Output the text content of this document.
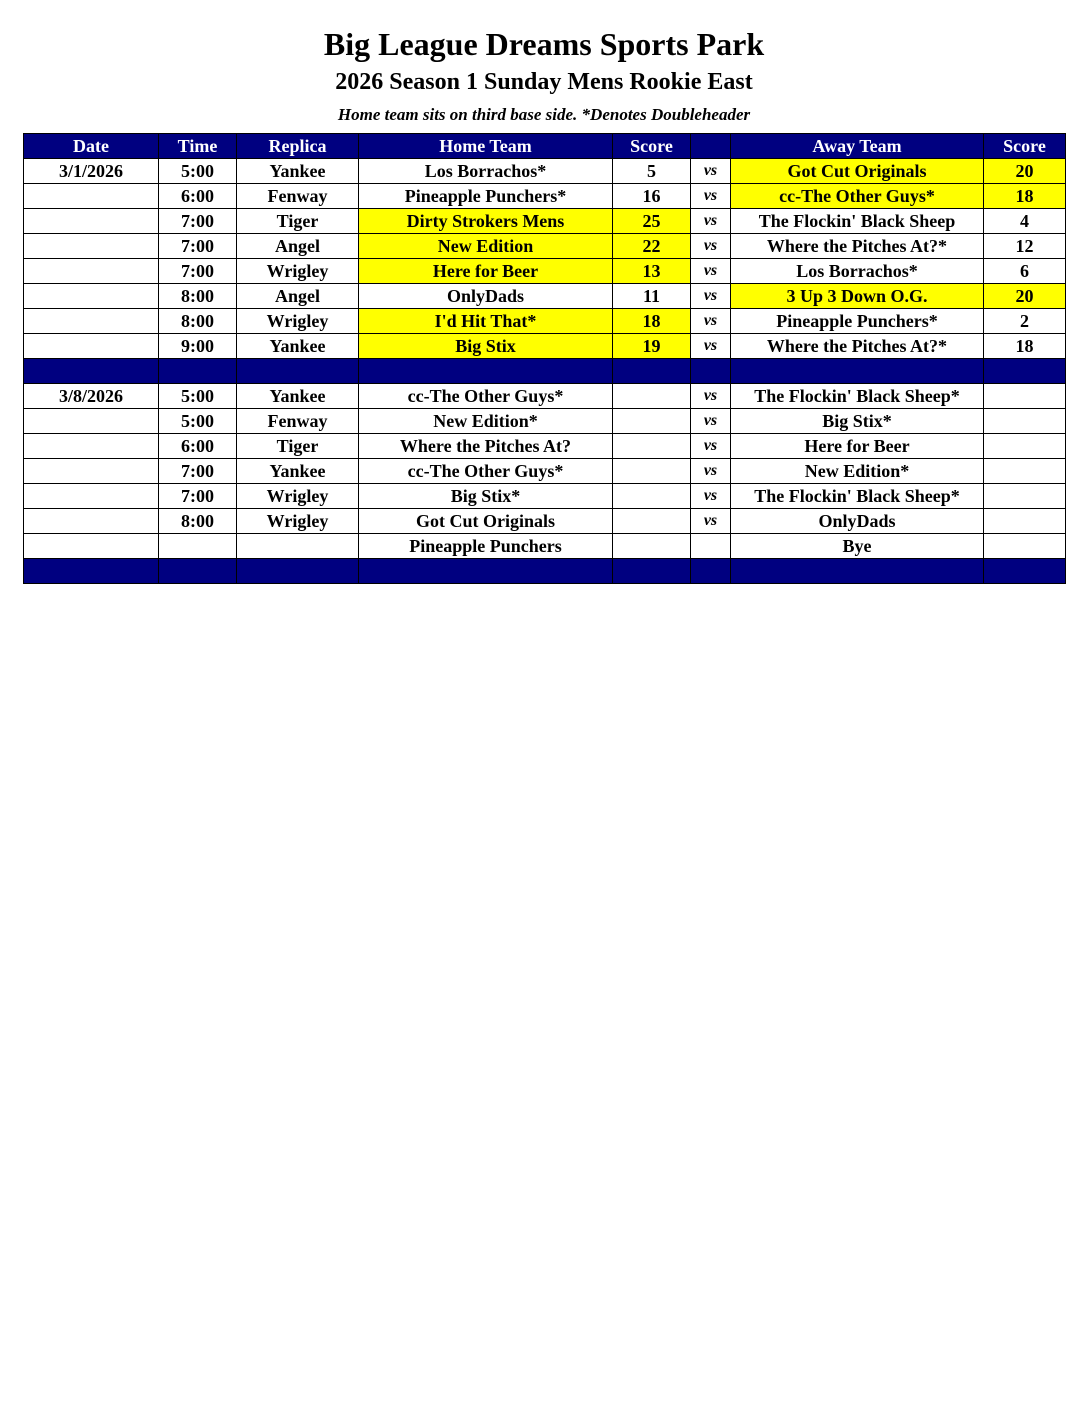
Big League Dreams Sports Park
2026 Season 1 Sunday Mens Rookie East
Home team sits on third base side. *Denotes Doubleheader
Date	Time	Replica	Home Team	Score		Away Team	Score
3/1/2026	5:00	Yankee	Los Borrachos*	5	vs	Got Cut Originals	20
	6:00	Fenway	Pineapple Punchers*	16	vs	cc-The Other Guys*	18
	7:00	Tiger	Dirty Strokers Mens	25	vs	The Flockin' Black Sheep	4
	7:00	Angel	New Edition	22	vs	Where the Pitches At?*	12
	7:00	Wrigley	Here for Beer	13	vs	Los Borrachos*	6
	8:00	Angel	OnlyDads	11	vs	3 Up 3 Down O.G.	20
	8:00	Wrigley	I'd Hit That*	18	vs	Pineapple Punchers*	2
	9:00	Yankee	Big Stix	19	vs	Where the Pitches At?*	18

3/8/2026	5:00	Yankee	cc-The Other Guys*		vs	The Flockin' Black Sheep*	
	5:00	Fenway	New Edition*		vs	Big Stix*	
	6:00	Tiger	Where the Pitches At?		vs	Here for Beer	
	7:00	Yankee	cc-The Other Guys*		vs	New Edition*	
	7:00	Wrigley	Big Stix*		vs	The Flockin' Black Sheep*	
	8:00	Wrigley	Got Cut Originals		vs	OnlyDads	
			Pineapple Punchers			Bye	
